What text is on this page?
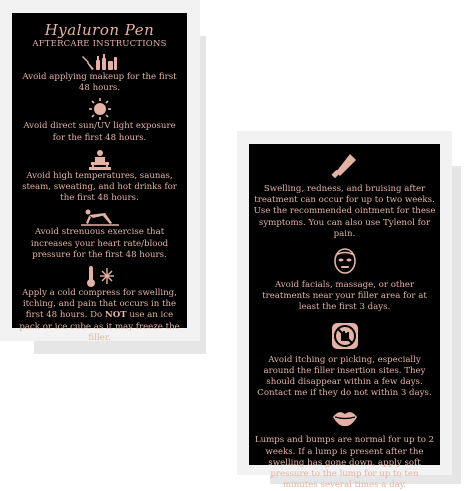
Hyaluron Pen
AFTERCARE INSTRUCTIONS
Avoid applying makeup for the first 48 hours.
Avoid direct sun/UV light exposure for the first 48 hours.
Avoid high temperatures, saunas, steam, sweating, and hot drinks for the first 48 hours.
Avoid strenuous exercise that increases your heart rate/blood pressure for the first 48 hours.
Apply a cold compress for swelling, itching, and pain that occurs in the first 48 hours. Do NOT use an ice pack or ice cube as it may freeze the filler.
Swelling, redness, and bruising after treatment can occur for up to two weeks. Use the recommended ointment for these symptoms. You can also use Tylenol for pain.
Avoid facials, massage, or other treatments near your filler area for at least the first 3 days.
Avoid itching or picking, especially around the filler insertion sites. They should disappear within a few days. Contact me if they do not within 3 days.
Lumps and bumps are normal for up to 2 weeks. If a lump is present after the swelling has gone down, apply soft pressure to the lump for up to ten minutes several times a day.
